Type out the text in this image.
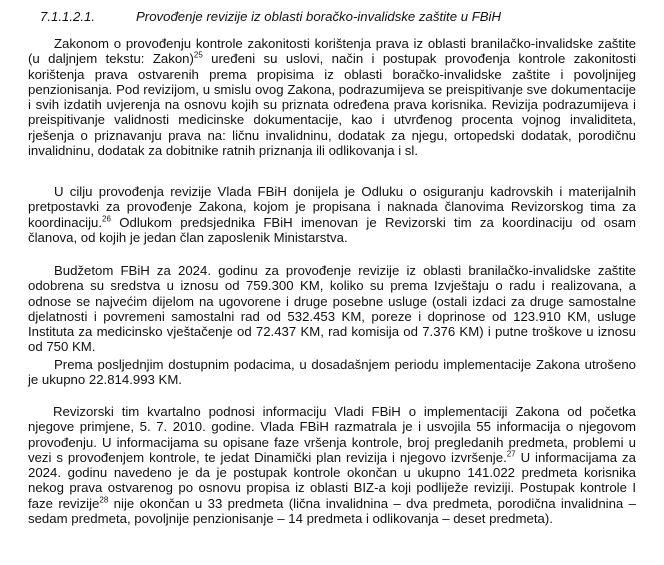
7.1.1.2.1.	Provođenje revizije iz oblasti boračko-invalidske zaštite u FBiH

Zakonom o provođenju kontrole zakonitosti korištenja prava iz oblasti branilačko-invalidske zaštite (u daljnjem tekstu: Zakon)$^{25}$ uređeni su uslovi, način i postupak provođenja kontrole zakonitosti korištenja prava ostvarenih prema propisima iz oblasti boračko-invalidske zaštite i povoljnijeg penzionisanja. Pod revizijom, u smislu ovog Zakona, podrazumijeva se preispitivanje sve dokumentacije i svih izdatih uvjerenja na osnovu kojih su priznata određena prava korisnika. Revizija podrazumijeva i preispitivanje validnosti medicinske dokumentacije, kao i utvrđenog procenta vojnog invaliditeta, rješenja o priznavanju prava na: ličnu invalidninu, dodatak za njegu, ortopedski dodatak, porodičnu invalidninu, dodatak za dobitnike ratnih priznanja ili odlikovanja i sl.

U cilju provođenja revizije Vlada FBiH donijela je Odluku o osiguranju kadrovskih i materijalnih pretpostavki za provođenje Zakona, kojom je propisana i naknada članovima Revizorskog tima za koordinaciju.$^{26}$ Odlukom predsjednika FBiH imenovan je Revizorski tim za koordinaciju od osam članova, od kojih je jedan član zaposlenik Ministarstva.

Budžetom FBiH za 2024. godinu za provođenje revizije iz oblasti branilačko-invalidske zaštite odobrena su sredstva u iznosu od 759.300 KM, koliko su prema Izvještaju o radu i realizovana, a odnose se najvećim dijelom na ugovorene i druge posebne usluge (ostali izdaci za druge samostalne djelatnosti i povremeni samostalni rad od 532.453 KM, poreze i doprinose od 123.910 KM, usluge Instituta za medicinsko vještačenje od 72.437 KM, rad komisija od 7.376 KM) i putne troškove u iznosu od 750 KM.

Prema posljednjim dostupnim podacima, u dosadašnjem periodu implementacije Zakona utrošeno je ukupno 22.814.993 KM.

Revizorski tim kvartalno podnosi informaciju Vladi FBiH o implementaciji Zakona od početka njegove primjene, 5. 7. 2010. godine. Vlada FBiH razmatrala je i usvojila 55 informacija o njegovom provođenju. U informacijama su opisane faze vršenja kontrole, broj pregledanih predmeta, problemi u vezi s provođenjem kontrole, te jedat Dinamički plan revizija i njegovo izvršenje.$^{27}$ U informacijama za 2024. godinu navedeno je da je postupak kontrole okončan u ukupno 141.022 predmeta korisnika nekog prava ostvarenog po osnovu propisa iz oblasti BIZ-a koji podliježe reviziji. Postupak kontrole I faze revizije$^{28}$ nije okončan u 33 predmeta (lična invalidnina – dva predmeta, porodična invalidnina – sedam predmeta, povoljnije penzionisanje – 14 predmeta i odlikovanja – deset predmeta).
